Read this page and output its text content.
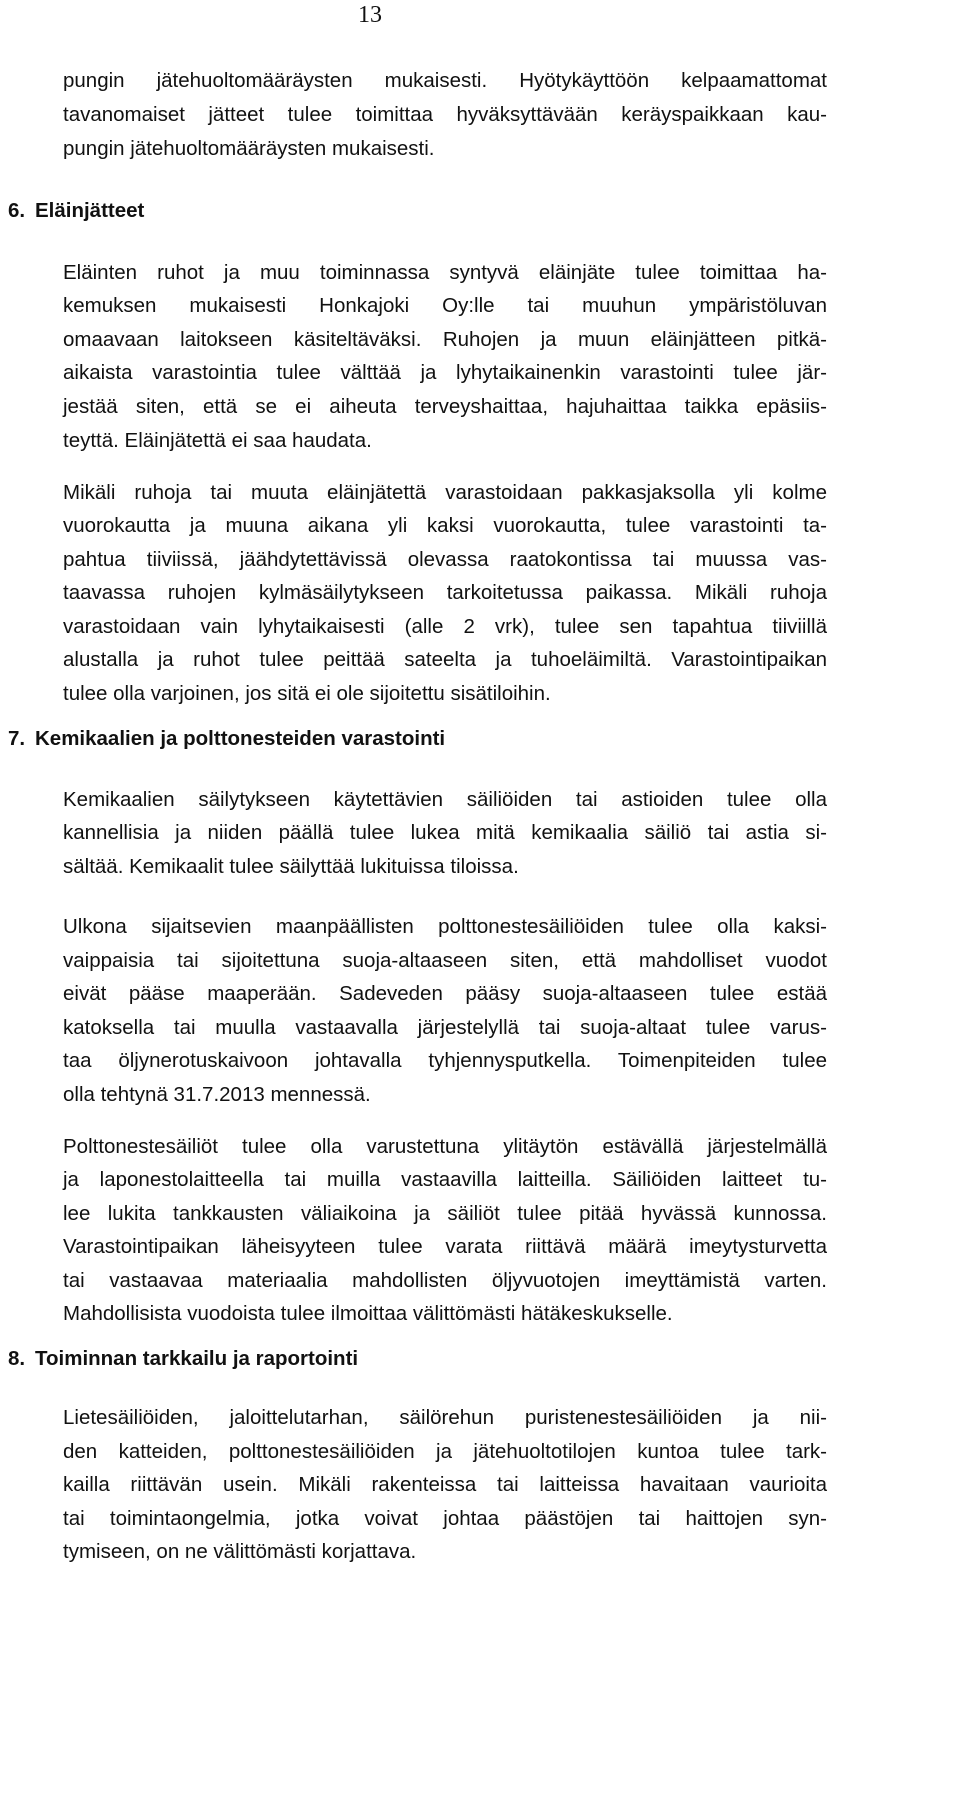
13
pungin jätehuoltomääräysten mukaisesti. Hyötykäyttöön kelpaamattomat
tavanomaiset jätteet tulee toimittaa hyväksyttävään keräyspaikkaan kau-
pungin jätehuoltomääräysten mukaisesti.
6. Eläinjätteet
Eläinten ruhot ja muu toiminnassa syntyvä eläinjäte tulee toimittaa ha-
kemuksen mukaisesti Honkajoki Oy:lle tai muuhun ympäristöluvan
omaavaan laitokseen käsiteltäväksi. Ruhojen ja muun eläinjätteen pitkä-
aikaista varastointia tulee välttää ja lyhytaikainenkin varastointi tulee jär-
jestää siten, että se ei aiheuta terveyshaittaa, hajuhaittaa taikka epäsiis-
teyttä. Eläinjätettä ei saa haudata.
Mikäli ruhoja tai muuta eläinjätettä varastoidaan pakkasjaksolla yli kolme
vuorokautta ja muuna aikana yli kaksi vuorokautta, tulee varastointi ta-
pahtua tiiviissä, jäähdytettävissä olevassa raatokontissa tai muussa vas-
taavassa ruhojen kylmäsäilytykseen tarkoitetussa paikassa. Mikäli ruhoja
varastoidaan vain lyhytaikaisesti (alle 2 vrk), tulee sen tapahtua tiiviillä
alustalla ja ruhot tulee peittää sateelta ja tuhoeläimiltä. Varastointipaikan
tulee olla varjoinen, jos sitä ei ole sijoitettu sisätiloihin.
7. Kemikaalien ja polttonesteiden varastointi
Kemikaalien säilytykseen käytettävien säiliöiden tai astioiden tulee olla
kannellisia ja niiden päällä tulee lukea mitä kemikaalia säiliö tai astia si-
sältää. Kemikaalit tulee säilyttää lukituissa tiloissa.
Ulkona sijaitsevien maanpäällisten polttonestesäiliöiden tulee olla kaksi-
vaippaisia tai sijoitettuna suoja-altaaseen siten, että mahdolliset vuodot
eivät pääse maaperään. Sadeveden pääsy suoja-altaaseen tulee estää
katoksella tai muulla vastaavalla järjestelyllä tai suoja-altaat tulee varus-
taa öljynerotuskaivoon johtavalla tyhjennysputkella. Toimenpiteiden tulee
olla tehtynä 31.7.2013 mennessä.
Polttonestesäiliöt tulee olla varustettuna ylitäytön estävällä järjestelmällä
ja laponestolaitteella tai muilla vastaavilla laitteilla. Säiliöiden laitteet tu-
lee lukita tankkausten väliaikoina ja säiliöt tulee pitää hyvässä kunnossa.
Varastointipaikan läheisyyteen tulee varata riittävä määrä imeytysturvetta
tai vastaavaa materiaalia mahdollisten öljyvuotojen imeyttämistä varten.
Mahdollisista vuodoista tulee ilmoittaa välittömästi hätäkeskukselle.
8. Toiminnan tarkkailu ja raportointi
Lietesäiliöiden, jaloittelutarhan, säilörehun puristenestesäiliöiden ja nii-
den katteiden, polttonestesäiliöiden ja jätehuoltotilojen kuntoa tulee tark-
kailla riittävän usein. Mikäli rakenteissa tai laitteissa havaitaan vaurioita
tai toimintaongelmia, jotka voivat johtaa päästöjen tai haittojen syn-
tymiseen, on ne välittömästi korjattava.
